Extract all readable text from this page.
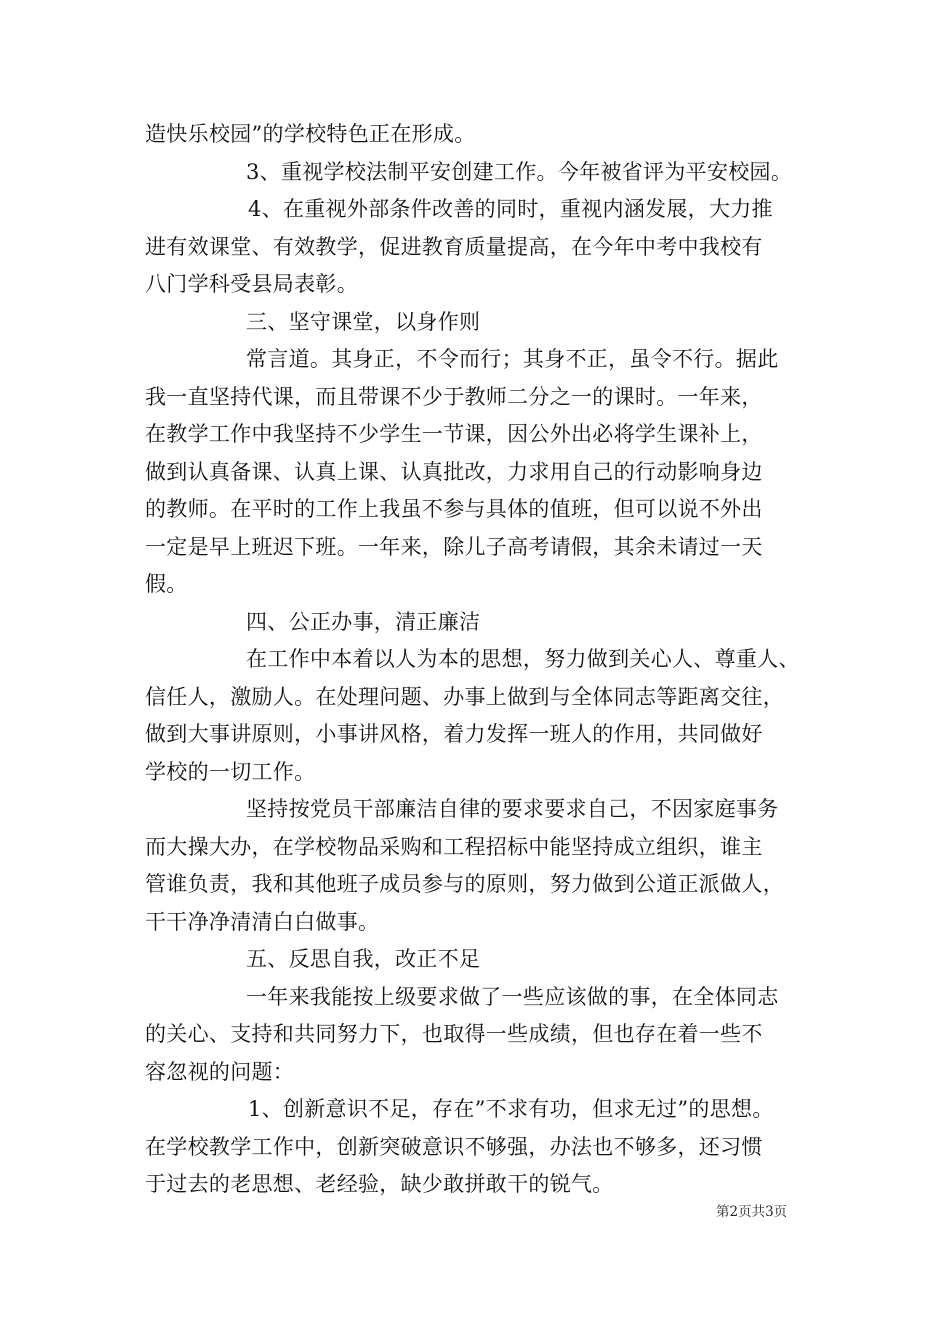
造快乐校园”的学校特色正在形成。
3、重视学校法制平安创建工作。今年被省评为平安校园。
4、在重视外部条件改善的同时，重视内涵发展，大力推
进有效课堂、有效教学，促进教育质量提高，在今年中考中我校有
八门学科受县局表彰。
三、坚守课堂，以身作则
常言道。其身正，不令而行；其身不正，虽令不行。据此
我一直坚持代课，而且带课不少于教师二分之一的课时。一年来，
在教学工作中我坚持不少学生一节课，因公外出必将学生课补上，
做到认真备课、认真上课、认真批改，力求用自己的行动影响身边
的教师。在平时的工作上我虽不参与具体的值班，但可以说不外出
一定是早上班迟下班。一年来，除儿子高考请假，其余未请过一天
假。
四、公正办事，清正廉洁
在工作中本着以人为本的思想，努力做到关心人、尊重人、
信任人，激励人。在处理问题、办事上做到与全体同志等距离交往，
做到大事讲原则，小事讲风格，着力发挥一班人的作用，共同做好
学校的一切工作。
坚持按党员干部廉洁自律的要求要求自己，不因家庭事务
而大操大办，在学校物品采购和工程招标中能坚持成立组织，谁主
管谁负责，我和其他班子成员参与的原则，努力做到公道正派做人，
干干净净清清白白做事。
五、反思自我，改正不足
一年来我能按上级要求做了一些应该做的事，在全体同志
的关心、支持和共同努力下，也取得一些成绩，但也存在着一些不
容忽视的问题：
1、创新意识不足，存在”不求有功，但求无过”的思想。
在学校教学工作中，创新突破意识不够强，办法也不够多，还习惯
于过去的老思想、老经验，缺少敢拼敢干的锐气。
第2页共3页
